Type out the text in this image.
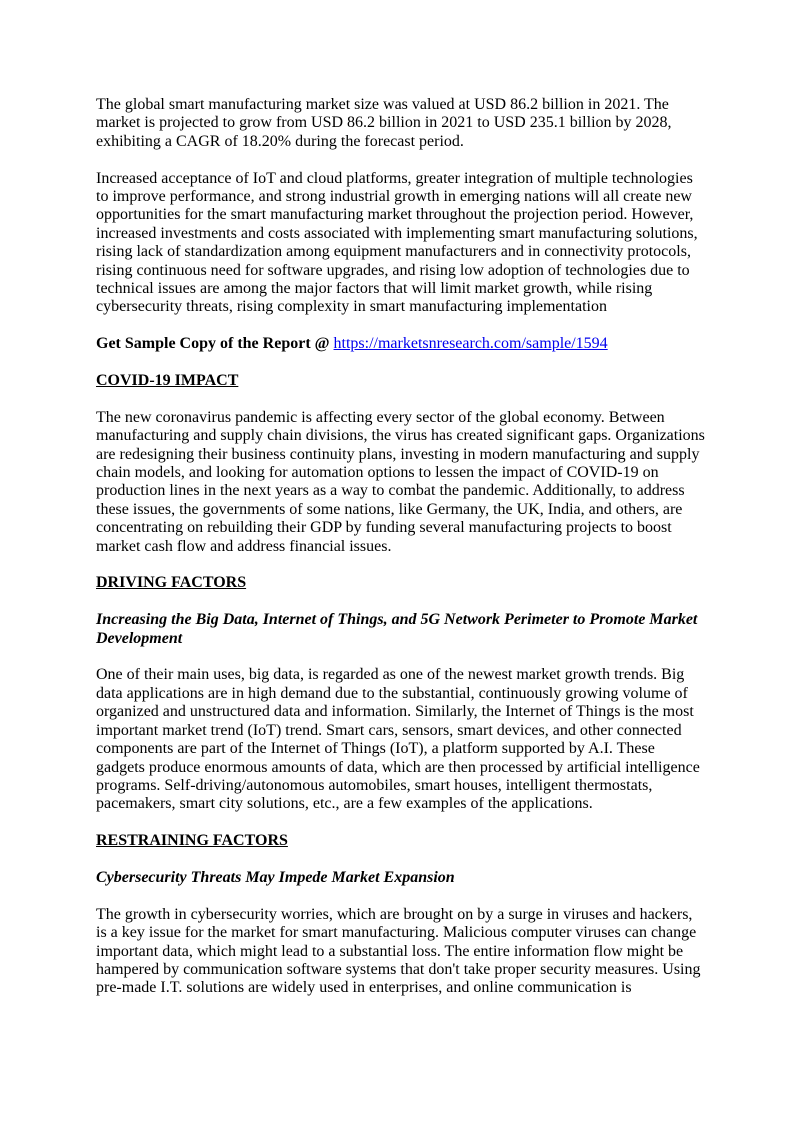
The global smart manufacturing market size was valued at USD 86.2 billion in 2021. The market is projected to grow from USD 86.2 billion in 2021 to USD 235.1 billion by 2028, exhibiting a CAGR of 18.20% during the forecast period.

Increased acceptance of IoT and cloud platforms, greater integration of multiple technologies to improve performance, and strong industrial growth in emerging nations will all create new opportunities for the smart manufacturing market throughout the projection period. However, increased investments and costs associated with implementing smart manufacturing solutions, rising lack of standardization among equipment manufacturers and in connectivity protocols, rising continuous need for software upgrades, and rising low adoption of technologies due to technical issues are among the major factors that will limit market growth, while rising cybersecurity threats, rising complexity in smart manufacturing implementation

Get Sample Copy of the Report @ https://marketsnresearch.com/sample/1594

COVID-19 IMPACT

The new coronavirus pandemic is affecting every sector of the global economy. Between manufacturing and supply chain divisions, the virus has created significant gaps. Organizations are redesigning their business continuity plans, investing in modern manufacturing and supply chain models, and looking for automation options to lessen the impact of COVID-19 on production lines in the next years as a way to combat the pandemic. Additionally, to address these issues, the governments of some nations, like Germany, the UK, India, and others, are concentrating on rebuilding their GDP by funding several manufacturing projects to boost market cash flow and address financial issues.

DRIVING FACTORS

Increasing the Big Data, Internet of Things, and 5G Network Perimeter to Promote Market Development

One of their main uses, big data, is regarded as one of the newest market growth trends. Big data applications are in high demand due to the substantial, continuously growing volume of organized and unstructured data and information. Similarly, the Internet of Things is the most important market trend (IoT) trend. Smart cars, sensors, smart devices, and other connected components are part of the Internet of Things (IoT), a platform supported by A.I. These gadgets produce enormous amounts of data, which are then processed by artificial intelligence programs. Self-driving/autonomous automobiles, smart houses, intelligent thermostats, pacemakers, smart city solutions, etc., are a few examples of the applications.

RESTRAINING FACTORS

Cybersecurity Threats May Impede Market Expansion

The growth in cybersecurity worries, which are brought on by a surge in viruses and hackers, is a key issue for the market for smart manufacturing. Malicious computer viruses can change important data, which might lead to a substantial loss. The entire information flow might be hampered by communication software systems that don't take proper security measures. Using pre-made I.T. solutions are widely used in enterprises, and online communication is
